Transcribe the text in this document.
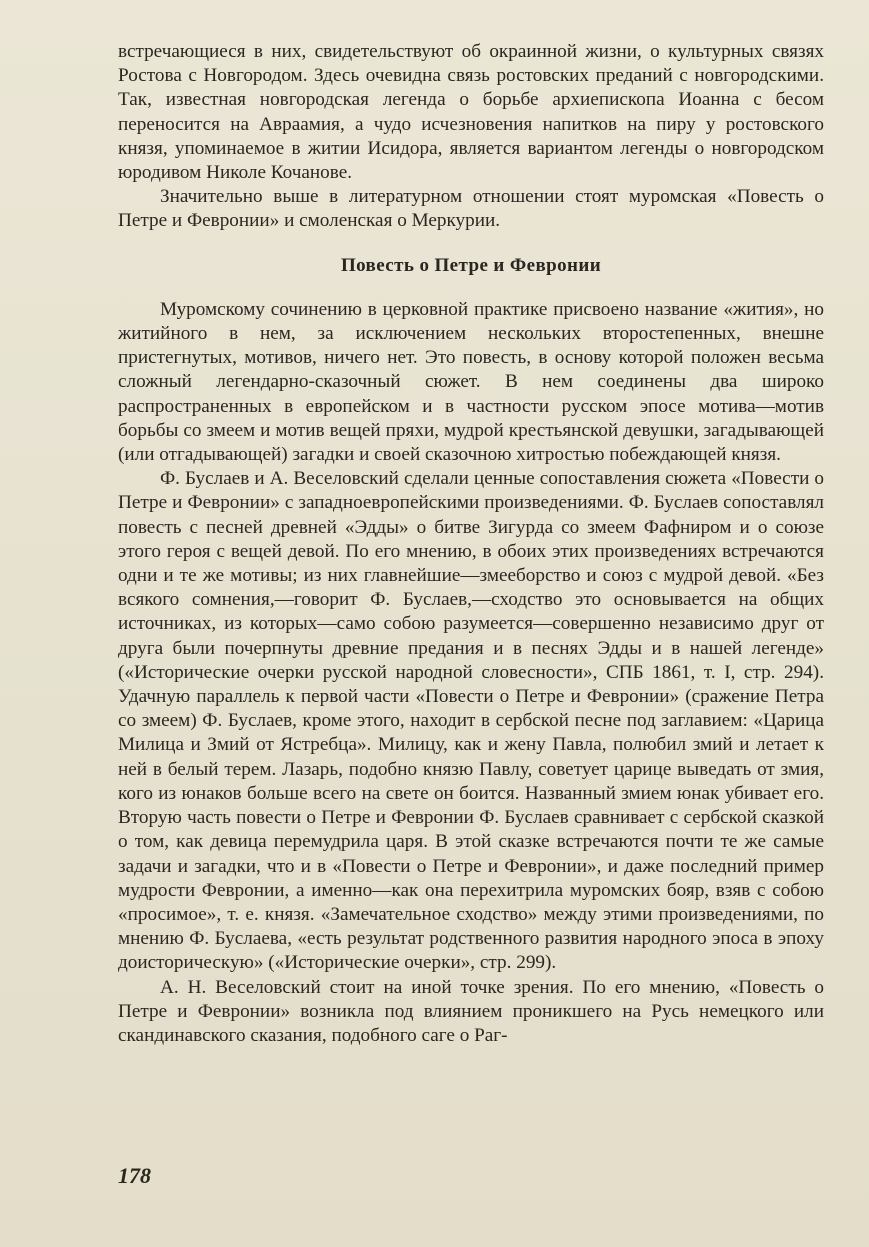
встречающиеся в них, свидетельствуют об окраинной жизни, о культурных связях Ростова с Новгородом. Здесь очевидна связь ростовских преданий с новгородскими. Так, известная новгородская легенда о борьбе архиепископа Иоанна с бесом переносится на Авраамия, а чудо исчезновения напитков на пиру у ростовского князя, упоминаемое в житии Исидора, является вариантом легенды о новгородском юродивом Николе Кочанове.

Значительно выше в литературном отношении стоят муромская «Повесть о Петре и Февронии» и смоленская о Меркурии.

Повесть о Петре и Февронии

Муромскому сочинению в церковной практике присвоено название «жития», но житийного в нем, за исключением нескольких второстепенных, внешне пристегнутых, мотивов, ничего нет. Это повесть, в основу которой положен весьма сложный легендарно-сказочный сюжет. В нем соединены два широко распространенных в европейском и в частности русском эпосе мотива—мотив борьбы со змеем и мотив вещей пряхи, мудрой крестьянской девушки, загадывающей (или отгадывающей) загадки и своей сказочною хитростью побеждающей князя.

Ф. Буслаев и А. Веселовский сделали ценные сопоставления сюжета «Повести о Петре и Февронии» с западноевропейскими произведениями. Ф. Буслаев сопоставлял повесть с песней древней «Эдды» о битве Зигурда со змеем Фафниром и о союзе этого героя с вещей девой. По его мнению, в обоих этих произведениях встречаются одни и те же мотивы; из них главнейшие—змееборство и союз с мудрой девой. «Без всякого сомнения,—говорит Ф. Буслаев,—сходство это основывается на общих источниках, из которых—само собою разумеется—совершенно независимо друг от друга были почерпнуты древние предания и в песнях Эдды и в нашей легенде» («Исторические очерки русской народной словесности», СПБ 1861, т. I, стр. 294). Удачную параллель к первой части «Повести о Петре и Февронии» (сражение Петра со змеем) Ф. Буслаев, кроме этого, находит в сербской песне под заглавием: «Царица Милица и Змий от Ястребца». Милицу, как и жену Павла, полюбил змий и летает к ней в белый терем. Лазарь, подобно князю Павлу, советует царице выведать от змия, кого из юнаков больше всего на свете он боится. Названный змием юнак убивает его. Вторую часть повести о Петре и Февронии Ф. Буслаев сравнивает с сербской сказкой о том, как девица перемудрила царя. В этой сказке встречаются почти те же самые задачи и загадки, что и в «Повести о Петре и Февронии», и даже последний пример мудрости Февронии, а именно—как она перехитрила муромских бояр, взяв с собою «просимое», т. е. князя. «Замечательное сходство» между этими произведениями, по мнению Ф. Буслаева, «есть результат родственного развития народного эпоса в эпоху доисторическую» («Исторические очерки», стр. 299).

А. Н. Веселовский стоит на иной точке зрения. По его мнению, «Повесть о Петре и Февронии» возникла под влиянием проникшего на Русь немецкого или скандинавского сказания, подобного саге о Раг-

178
